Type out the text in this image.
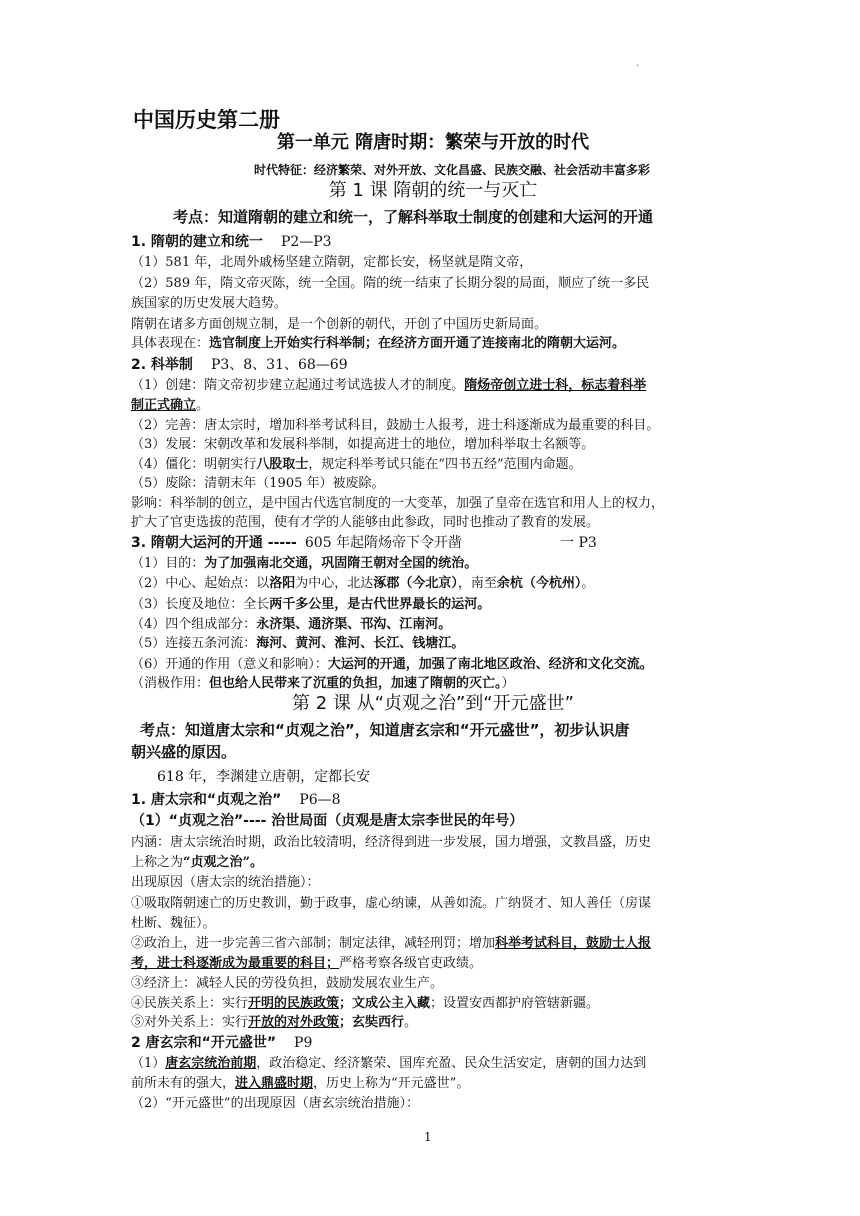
.
中国历史第二册
第一单元 隋唐时期：繁荣与开放的时代
时代特征：经济繁荣、对外开放、文化昌盛、民族交融、社会活动丰富多彩
第 1 课 隋朝的统一与灭亡
考点：知道隋朝的建立和统一，了解科举取士制度的创建和大运河的开通
1. 隋朝的建立和统一 P2—P3
（1）581 年，北周外戚杨坚建立隋朝，定都长安，杨坚就是隋文帝，
（2）589 年，隋文帝灭陈，统一全国。隋的统一结束了长期分裂的局面，顺应了统一多民
族国家的历史发展大趋势。
隋朝在诸多方面创规立制，是一个创新的朝代，开创了中国历史新局面。
具体表现在：选官制度上开始实行科举制；在经济方面开通了连接南北的隋朝大运河。
2. 科举制 P3、8、31、68—69
（1）创建：隋文帝初步建立起通过考试选拔人才的制度。隋炀帝创立进士科，标志着科举
制正式确立。
（2）完善：唐太宗时，增加科举考试科目，鼓励士人报考，进士科逐渐成为最重要的科目。
（3）发展：宋朝改革和发展科举制，如提高进士的地位，增加科举取士名额等。
（4）僵化：明朝实行八股取士，规定科举考试只能在“四书五经”范围内命题。
（5）废除：清朝末年（1905 年）被废除。
影响：科举制的创立，是中国古代选官制度的一大变革，加强了皇帝在选官和用人上的权力，
扩大了官吏选拔的范围，使有才学的人能够由此参政，同时也推动了教育的发展。
3. 隋朝大运河的开通 ----- 605 年起隋炀帝下令开凿	一 P3
（1）目的：为了加强南北交通，巩固隋王朝对全国的统治。
（2）中心、起始点：以洛阳为中心，北达涿郡（今北京），南至余杭（今杭州）。
（3）长度及地位：全长两千多公里，是古代世界最长的运河。
（4）四个组成部分：永济渠、通济渠、邗沟、江南河。
（5）连接五条河流：海河、黄河、淮河、长江、钱塘江。
（6）开通的作用（意义和影响）：大运河的开通，加强了南北地区政治、经济和文化交流。
（消极作用：但也给人民带来了沉重的负担，加速了隋朝的灭亡。）
第 2 课 从“贞观之治”到“开元盛世”
考点：知道唐太宗和“贞观之治”，知道唐玄宗和“开元盛世”，初步认识唐
朝兴盛的原因。
618 年，李渊建立唐朝，定都长安
1. 唐太宗和“贞观之治” P6—8
（1）“贞观之治”---- 治世局面（贞观是唐太宗李世民的年号）
内涵：唐太宗统治时期，政治比较清明，经济得到进一步发展，国力增强，文教昌盛，历史
上称之为“贞观之治”。
出现原因（唐太宗的统治措施）：
①吸取隋朝速亡的历史教训，勤于政事，虚心纳谏，从善如流。广纳贤才、知人善任（房谋
杜断、魏征）。
②政治上，进一步完善三省六部制；制定法律，减轻刑罚；增加科举考试科目，鼓励士人报
考，进士科逐渐成为最重要的科目；严格考察各级官吏政绩。
③经济上：减轻人民的劳役负担，鼓励发展农业生产。
④民族关系上：实行开明的民族政策；文成公主入藏；设置安西都护府管辖新疆。
⑤对外关系上：实行开放的对外政策；玄奘西行。
2 唐玄宗和“开元盛世” P9
（1）唐玄宗统治前期，政治稳定、经济繁荣、国库充盈、民众生活安定，唐朝的国力达到
前所未有的强大，进入鼎盛时期，历史上称为“开元盛世”。
（2）“开元盛世”的出现原因（唐玄宗统治措施）：
1
